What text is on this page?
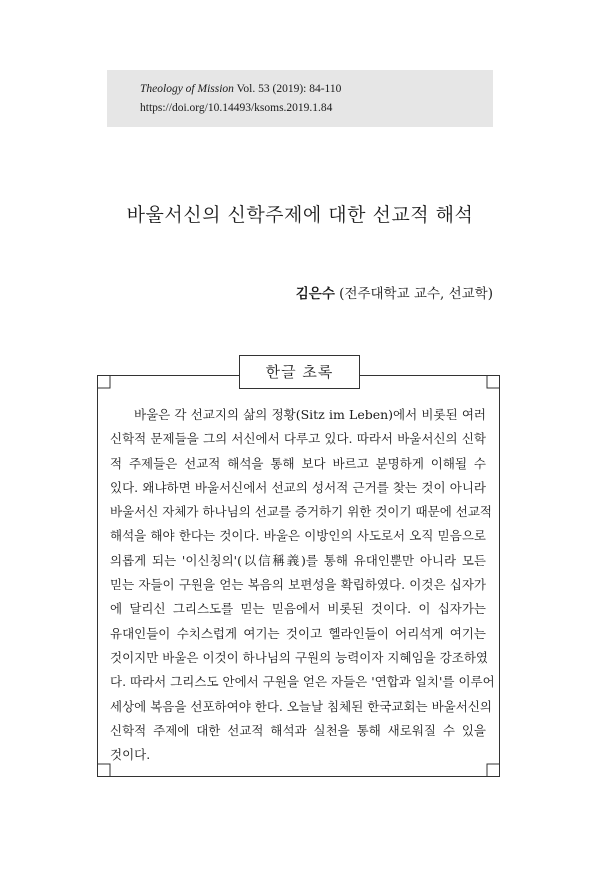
Theology of Mission Vol. 53 (2019): 84-110
https://doi.org/10.14493/ksoms.2019.1.84
바울서신의 신학주제에 대한 선교적 해석
김은수 (전주대학교 교수, 선교학)
한글 초록
바울은 각 선교지의 삶의 정황(Sitz im Leben)에서 비롯된 여러
신학적 문제들을 그의 서신에서 다루고 있다. 따라서 바울서신의 신학
적 주제들은 선교적 해석을 통해 보다 바르고 분명하게 이해될 수
있다. 왜냐하면 바울서신에서 선교의 성서적 근거를 찾는 것이 아니라
바울서신 자체가 하나님의 선교를 증거하기 위한 것이기 때문에 선교적
해석을 해야 한다는 것이다. 바울은 이방인의 사도로서 오직 믿음으로
의롭게 되는 '이신칭의'(以信稱義)를 통해 유대인뿐만 아니라 모든
믿는 자들이 구원을 얻는 복음의 보편성을 확립하였다. 이것은 십자가
에 달리신 그리스도를 믿는 믿음에서 비롯된 것이다. 이 십자가는
유대인들이 수치스럽게 여기는 것이고 헬라인들이 어리석게 여기는
것이지만 바울은 이것이 하나님의 구원의 능력이자 지혜임을 강조하였
다. 따라서 그리스도 안에서 구원을 얻은 자들은 '연합과 일치'를 이루어
세상에 복음을 선포하여야 한다. 오늘날 침체된 한국교회는 바울서신의
신학적 주제에 대한 선교적 해석과 실천을 통해 새로워질 수 있을
것이다.
